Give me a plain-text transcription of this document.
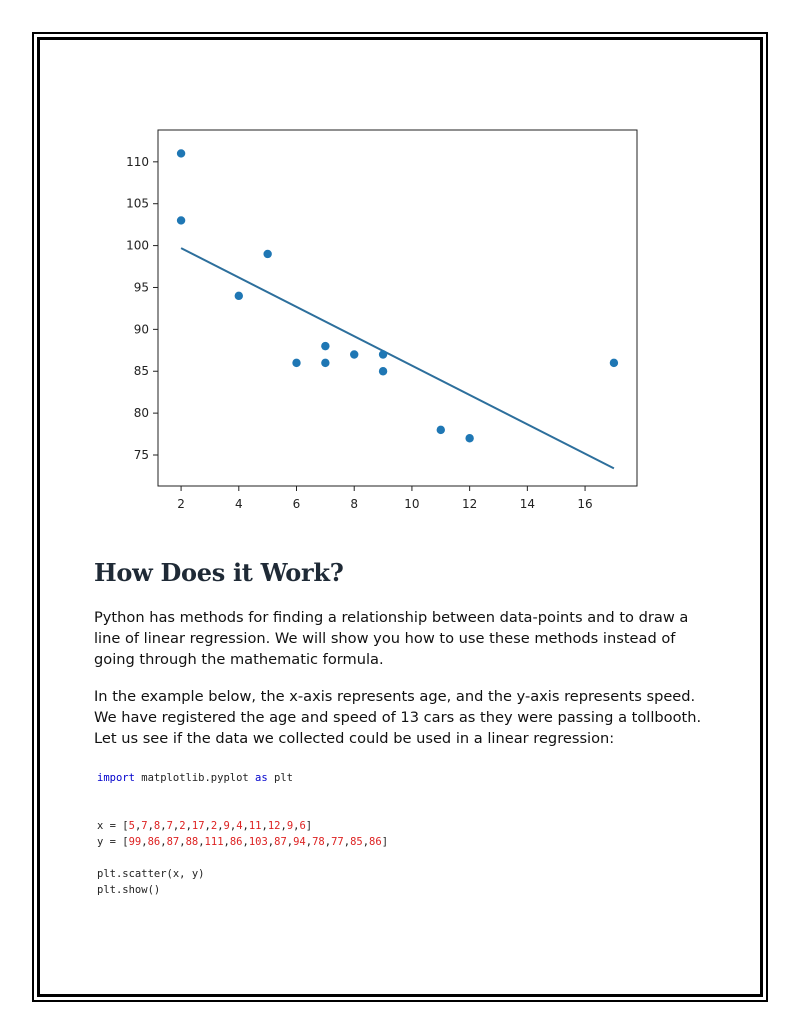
2	4	6	8	10	12	14	16
75
80
85
90
95
100
105
110
How Does it Work?

Python has methods for finding a relationship between data-points and to draw a line of linear regression. We will show you how to use these methods instead of going through the mathematic formula.

In the example below, the x-axis represents age, and the y-axis represents speed. We have registered the age and speed of 13 cars as they were passing a tollbooth. Let us see if the data we collected could be used in a linear regression:

import matplotlib.pyplot as plt

x = [5,7,8,7,2,17,2,9,4,11,12,9,6]
y = [99,86,87,88,111,86,103,87,94,78,77,85,86]

plt.scatter(x, y)
plt.show()
